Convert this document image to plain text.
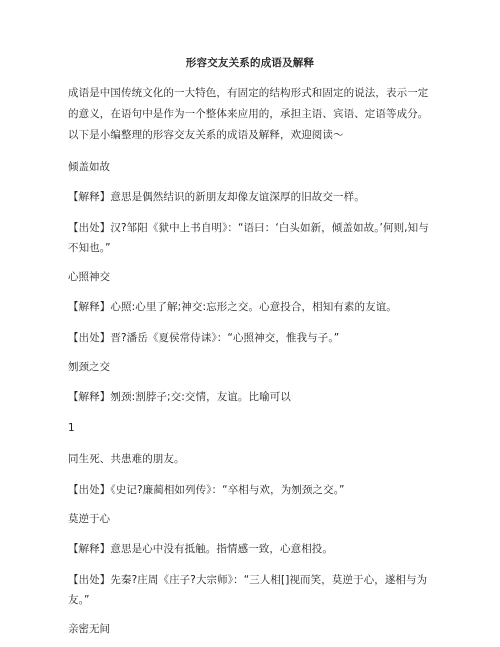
形容交友关系的成语及解释
成语是中国传统文化的一大特色，有固定的结构形式和固定的说法，表示一定的意义，在语句中是作为一个整体来应用的，承担主语、宾语、定语等成分。以下是小编整理的形容交友关系的成语及解释，欢迎阅读～
倾盖如故
【解释】意思是偶然结识的新朋友却像友谊深厚的旧故交一样。
【出处】汉?邹阳《狱中上书自明》：“语曰：‘白头如新，倾盖如故。’何则,知与不知也。”
心照神交
【解释】心照:心里了解;神交:忘形之交。心意投合，相知有素的友谊。
【出处】晋?潘岳《夏侯常侍诔》：“心照神交，惟我与子。”
刎颈之交
【解释】刎颈:割脖子;交:交情，友谊。比喻可以
1
同生死、共患难的朋友。
【出处】《史记?廉蔺相如列传》：“卒相与欢，为刎颈之交。”
莫逆于心
【解释】意思是心中没有抵触。指情感一致，心意相投。
【出处】先秦?庄周《庄子?大宗师》：“三人相[]视而笑，莫逆于心，遂相与为友。”
亲密无间
